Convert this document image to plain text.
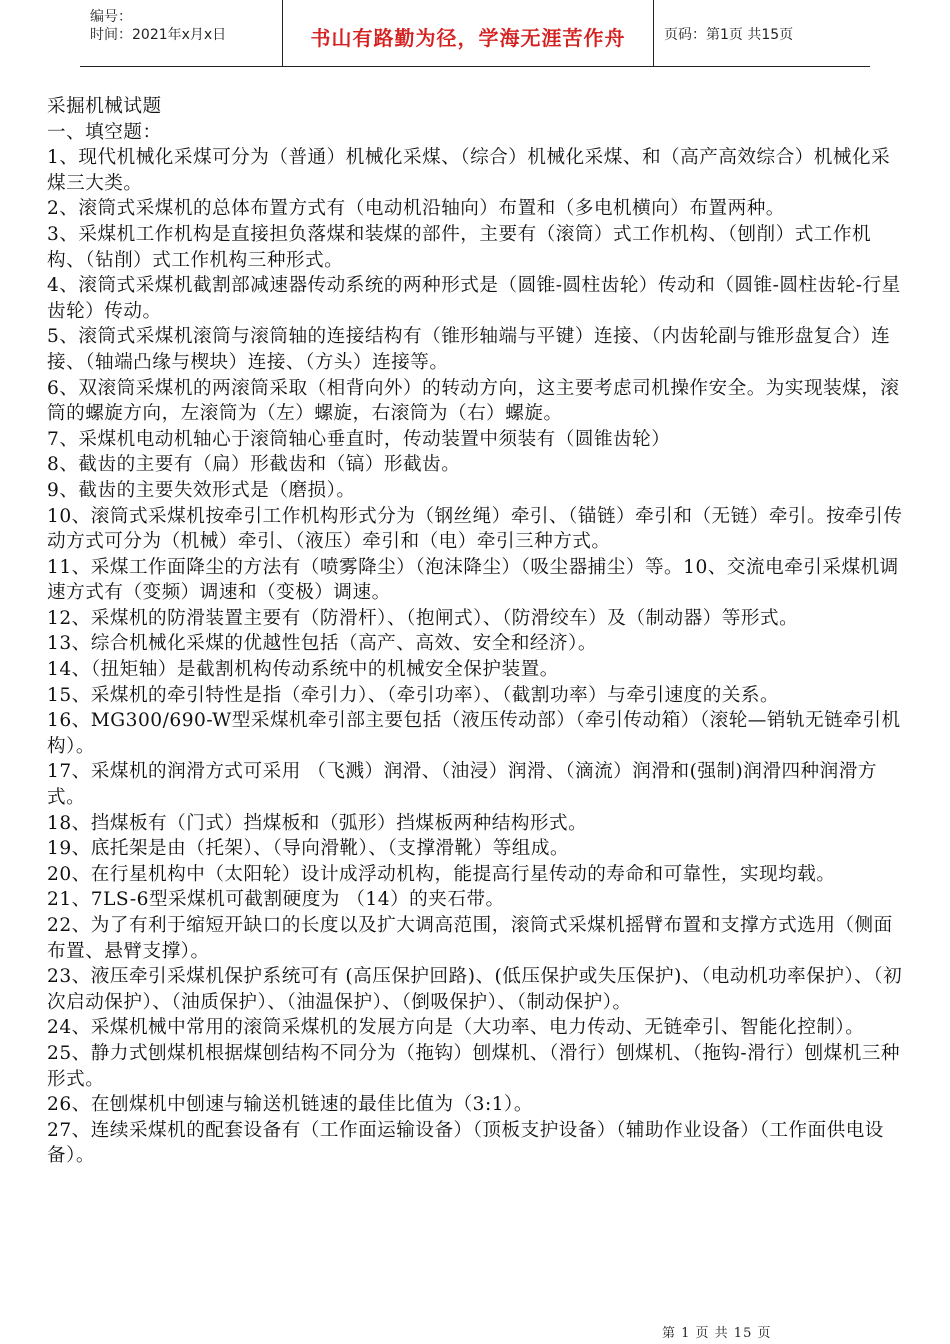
编号：
时间：2021年x月x日	书山有路勤为径，学海无涯苦作舟	页码：第1页 共15页

采掘机械试题

一、填空题：

1、现代机械化采煤可分为（普通）机械化采煤、（综合）机械化采煤、和（高产高效综合）机械化采煤三大类。

2、滚筒式采煤机的总体布置方式有（电动机沿轴向）布置和（多电机横向）布置两种。

3、采煤机工作机构是直接担负落煤和装煤的部件，主要有（滚筒）式工作机构、（刨削）式工作机构、（钻削）式工作机构三种形式。

4、滚筒式采煤机截割部减速器传动系统的两种形式是（圆锥-圆柱齿轮）传动和（圆锥-圆柱齿轮-行星齿轮）传动。

5、滚筒式采煤机滚筒与滚筒轴的连接结构有（锥形轴端与平键）连接、（内齿轮副与锥形盘复合）连接、（轴端凸缘与楔块）连接、（方头）连接等。

6、双滚筒采煤机的两滚筒采取（相背向外）的转动方向，这主要考虑司机操作安全。为实现装煤，滚筒的螺旋方向，左滚筒为（左）螺旋，右滚筒为（右）螺旋。

7、采煤机电动机轴心于滚筒轴心垂直时，传动装置中须装有（圆锥齿轮）

8、截齿的主要有（扁）形截齿和（镐）形截齿。

9、截齿的主要失效形式是（磨损）。

10、滚筒式采煤机按牵引工作机构形式分为（钢丝绳）牵引、（锚链）牵引和（无链）牵引。按牵引传动方式可分为（机械）牵引、（液压）牵引和（电）牵引三种方式。

11、采煤工作面降尘的方法有（喷雾降尘）（泡沫降尘）（吸尘器捕尘）等。10、交流电牵引采煤机调速方式有（变频）调速和（变极）调速。

12、采煤机的防滑装置主要有（防滑杆）、（抱闸式）、（防滑绞车）及（制动器）等形式。

13、综合机械化采煤的优越性包括（高产、高效、安全和经济）。

14、（扭矩轴）是截割机构传动系统中的机械安全保护装置。

15、采煤机的牵引特性是指（牵引力）、（牵引功率）、（截割功率）与牵引速度的关系。

16、MG300/690-W型采煤机牵引部主要包括（液压传动部）（牵引传动箱）（滚轮—销轨无链牵引机构）。

17、采煤机的润滑方式可采用 （飞溅）润滑、（油浸）润滑、（滴流）润滑和(强制)润滑四种润滑方式。

18、挡煤板有（门式）挡煤板和（弧形）挡煤板两种结构形式。

19、底托架是由（托架）、（导向滑靴）、（支撑滑靴）等组成。

20、在行星机构中（太阳轮）设计成浮动机构，能提高行星传动的寿命和可靠性，实现均载。

21、7LS-6型采煤机可截割硬度为 （14）的夹石带。

22、为了有利于缩短开缺口的长度以及扩大调高范围，滚筒式采煤机摇臂布置和支撑方式选用（侧面布置、悬臂支撑）。

23、液压牵引采煤机保护系统可有 (高压保护回路)、(低压保护或失压保护)、（电动机功率保护）、（初次启动保护）、（油质保护）、（油温保护）、（倒吸保护）、（制动保护）。

24、采煤机械中常用的滚筒采煤机的发展方向是（大功率、电力传动、无链牵引、智能化控制）。

25、静力式刨煤机根据煤刨结构不同分为（拖钩）刨煤机、（滑行）刨煤机、（拖钩-滑行）刨煤机三种形式。

26、在刨煤机中刨速与输送机链速的最佳比值为（3:1）。

27、连续采煤机的配套设备有（工作面运输设备）（顶板支护设备）（辅助作业设备）（工作面供电设备）。

第 1 页 共 15 页
